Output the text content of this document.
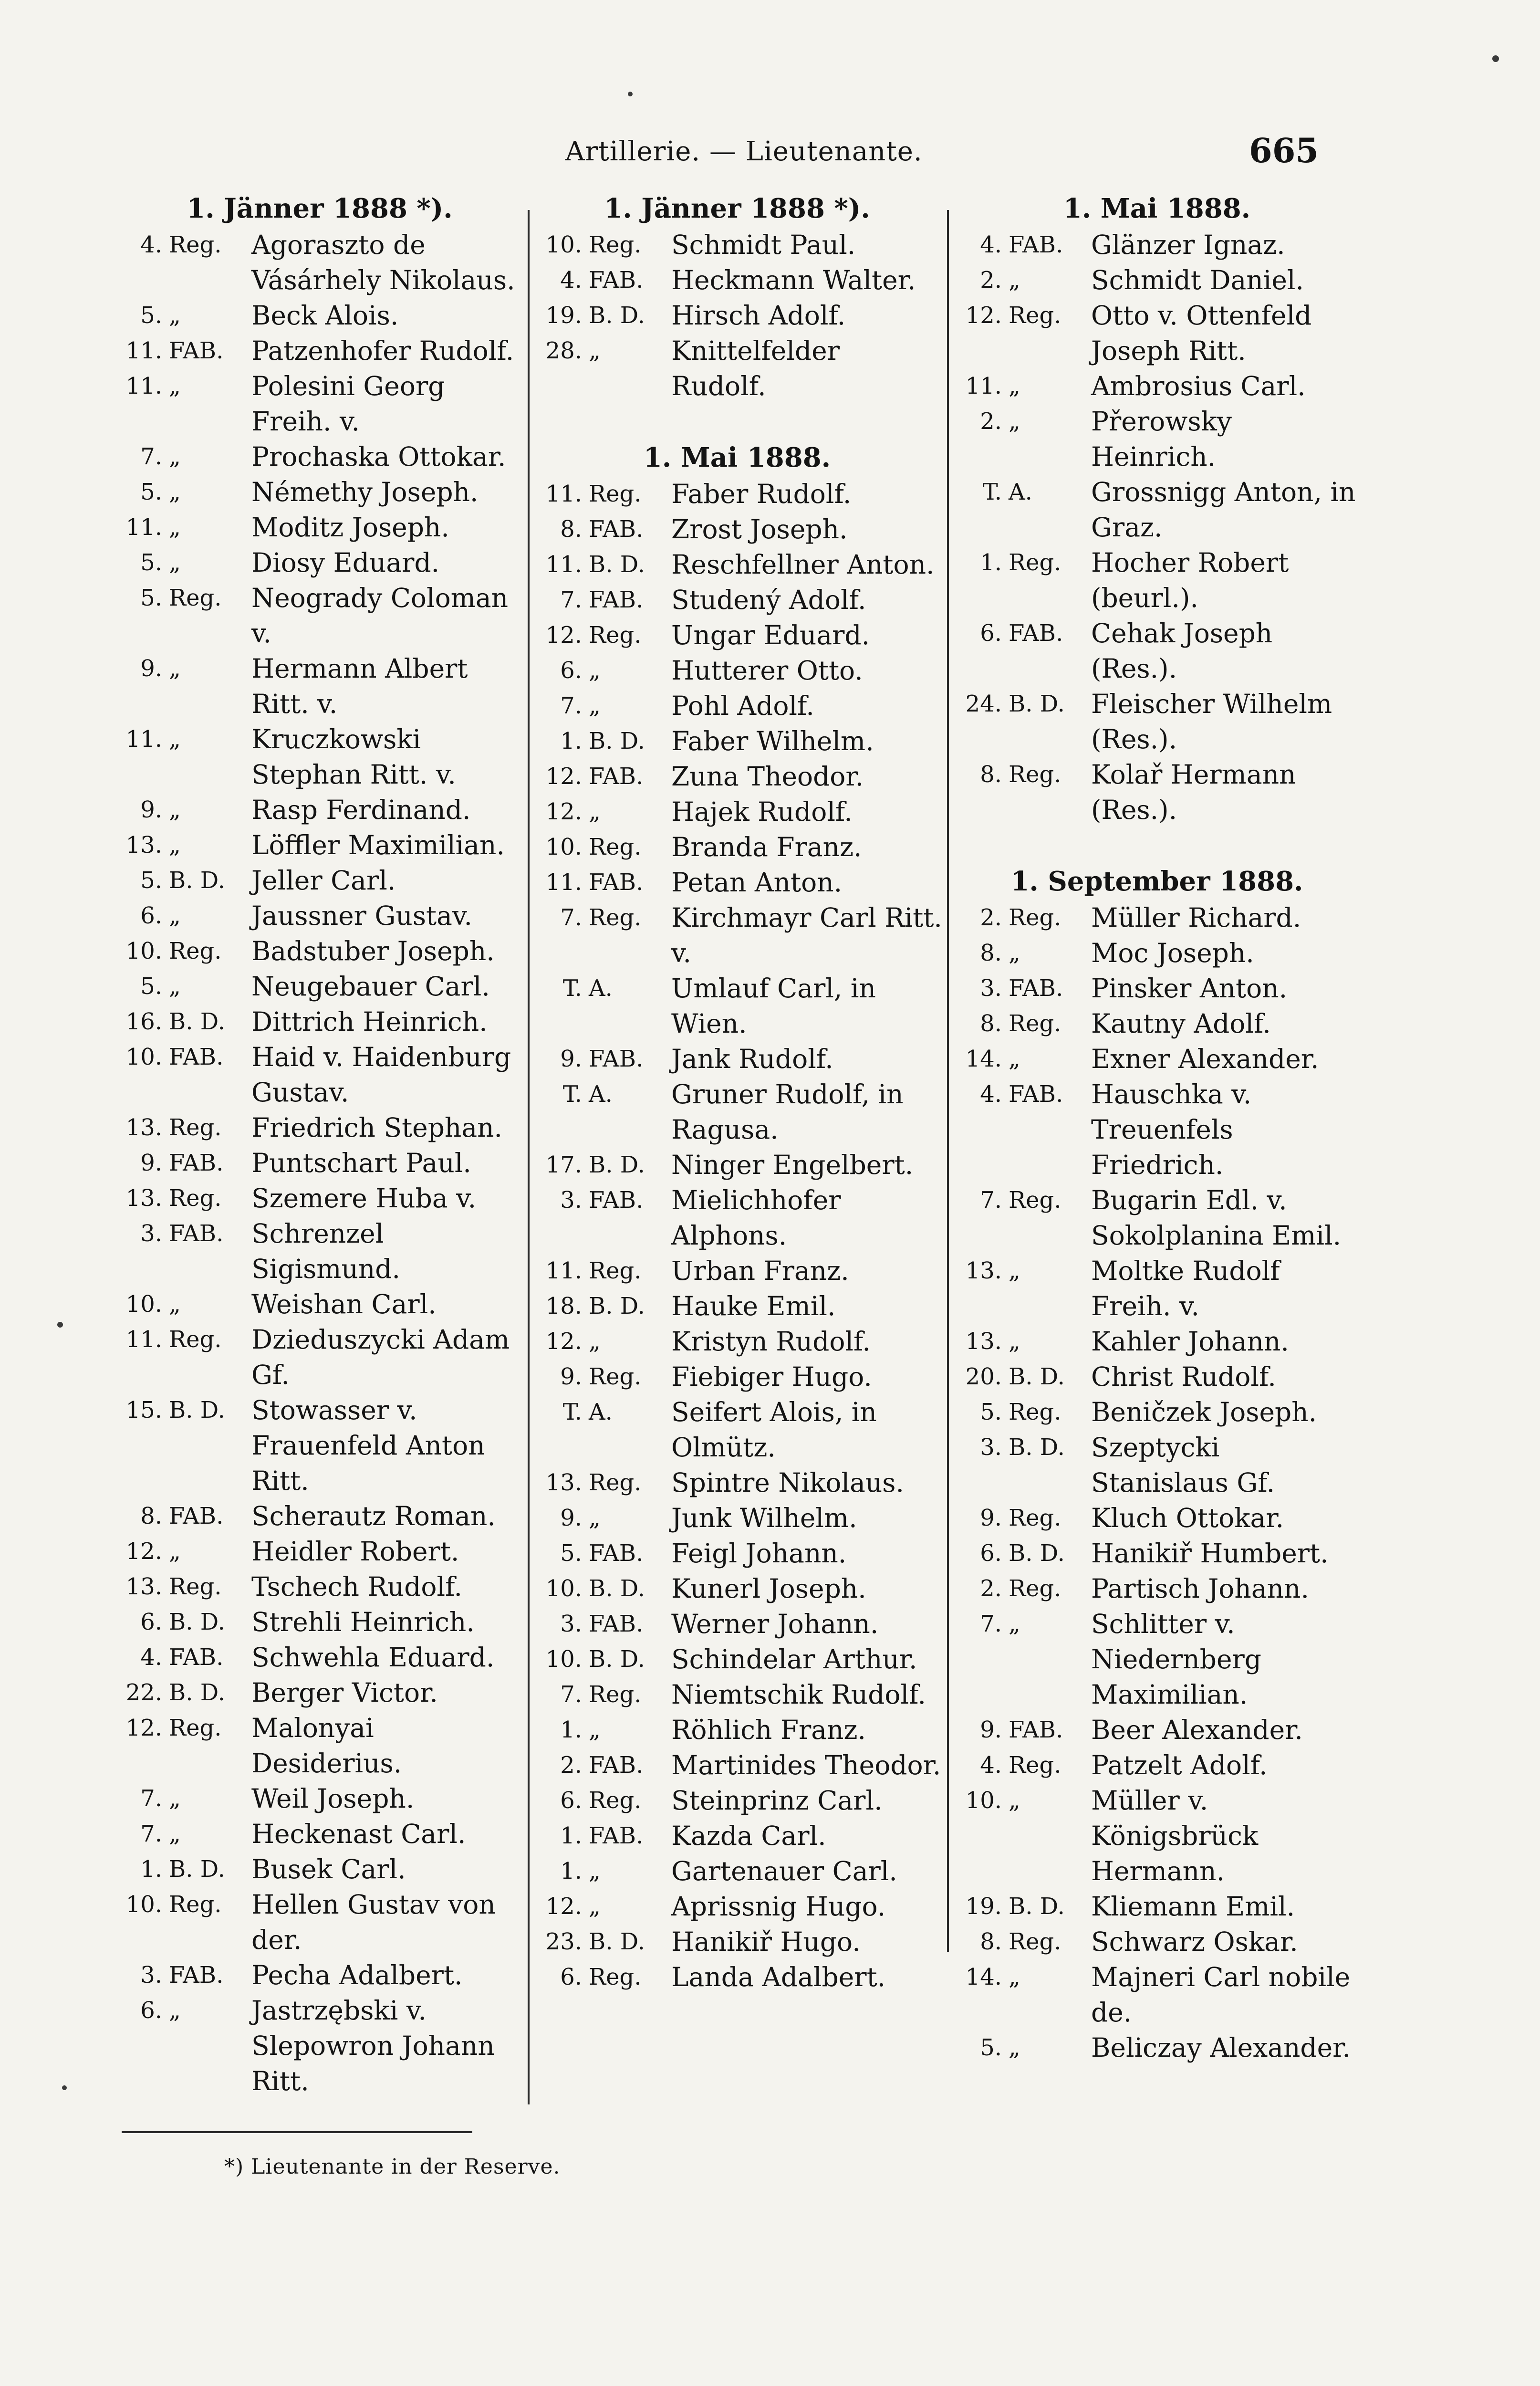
Artillerie. — Lieutenante.	665
1. Jänner 1888 *).
4. Reg.	Agoraszto de Vásárhely Nikolaus.
5. „	Beck Alois.
11. FAB.	Patzenhofer Rudolf.
11. „	Polesini Georg Freih. v.
7. „	Prochaska Ottokar.
5. „	Némethy Joseph.
11. „	Moditz Joseph.
5. „	Diosy Eduard.
5. Reg.	Neogrady Coloman v.
9. „	Hermann Albert Ritt. v.
11. „	Kruczkowski Stephan Ritt. v.
9. „	Rasp Ferdinand.
13. „	Löffler Maximilian.
5. B. D.	Jeller Carl.
6. „	Jaussner Gustav.
10. Reg.	Badstuber Joseph.
5. „	Neugebauer Carl.
16. B. D.	Dittrich Heinrich.
10. FAB.	Haid v. Haidenburg Gustav.
13. Reg.	Friedrich Stephan.
9. FAB.	Puntschart Paul.
13. Reg.	Szemere Huba v.
3. FAB.	Schrenzel Sigismund.
10. „	Weishan Carl.
11. Reg.	Dzieduszycki Adam Gf.
15. B. D.	Stowasser v. Frauenfeld Anton Ritt.
8. FAB.	Scherautz Roman.
12. „	Heidler Robert.
13. Reg.	Tschech Rudolf.
6. B. D.	Strehli Heinrich.
4. FAB.	Schwehla Eduard.
22. B. D.	Berger Victor.
12. Reg.	Malonyai Desiderius.
7. „	Weil Joseph.
7. „	Heckenast Carl.
1. B. D.	Busek Carl.
10. Reg.	Hellen Gustav von der.
3. FAB.	Pecha Adalbert.
6. „	Jastrzębski v. Slepowron Johann Ritt.
1. Jänner 1888 *).
10. Reg.	Schmidt Paul.
4. FAB.	Heckmann Walter.
19. B. D.	Hirsch Adolf.
28. „	Knittelfelder Rudolf.
1. Mai 1888.
11. Reg.	Faber Rudolf.
8. FAB.	Zrost Joseph.
11. B. D.	Reschfellner Anton.
7. FAB.	Studený Adolf.
12. Reg.	Ungar Eduard.
6. „	Hutterer Otto.
7. „	Pohl Adolf.
1. B. D.	Faber Wilhelm.
12. FAB.	Zuna Theodor.
12. „	Hajek Rudolf.
10. Reg.	Branda Franz.
11. FAB.	Petan Anton.
7. Reg.	Kirchmayr Carl Ritt. v.
T. A.	Umlauf Carl, in Wien.
9. FAB.	Jank Rudolf.
T. A.	Gruner Rudolf, in Ragusa.
17. B. D.	Ninger Engelbert.
3. FAB.	Mielichhofer Alphons.
11. Reg.	Urban Franz.
18. B. D.	Hauke Emil.
12. „	Kristyn Rudolf.
9. Reg.	Fiebiger Hugo.
T. A.	Seifert Alois, in Olmütz.
13. Reg.	Spintre Nikolaus.
9. „	Junk Wilhelm.
5. FAB.	Feigl Johann.
10. B. D.	Kunerl Joseph.
3. FAB.	Werner Johann.
10. B. D.	Schindelar Arthur.
7. Reg.	Niemtschik Rudolf.
1. „	Röhlich Franz.
2. FAB.	Martinides Theodor.
6. Reg.	Steinprinz Carl.
1. FAB.	Kazda Carl.
1. „	Gartenauer Carl.
12. „	Aprissnig Hugo.
23. B. D.	Hanikiř Hugo.
6. Reg.	Landa Adalbert.
1. Mai 1888.
4. FAB.	Glänzer Ignaz.
2. „	Schmidt Daniel.
12. Reg.	Otto v. Ottenfeld Joseph Ritt.
11. „	Ambrosius Carl.
2. „	Přerowsky Heinrich.
T. A.	Grossnigg Anton, in Graz.
1. Reg.	Hocher Robert (beurl.).
6. FAB.	Cehak Joseph (Res.).
24. B. D.	Fleischer Wilhelm (Res.).
8. Reg.	Kolař Hermann (Res.).
1. September 1888.
2. Reg.	Müller Richard.
8. „	Moc Joseph.
3. FAB.	Pinsker Anton.
8. Reg.	Kautny Adolf.
14. „	Exner Alexander.
4. FAB.	Hauschka v. Treuenfels Friedrich.
7. Reg.	Bugarin Edl. v. Sokolplanina Emil.
13. „	Moltke Rudolf Freih. v.
13. „	Kahler Johann.
20. B. D.	Christ Rudolf.
5. Reg.	Beničzek Joseph.
3. B. D.	Szeptycki Stanislaus Gf.
9. Reg.	Kluch Ottokar.
6. B. D.	Hanikiř Humbert.
2. Reg.	Partisch Johann.
7. „	Schlitter v. Niedernberg Maximilian.
9. FAB.	Beer Alexander.
4. Reg.	Patzelt Adolf.
10. „	Müller v. Königsbrück Hermann.
19. B. D.	Kliemann Emil.
8. Reg.	Schwarz Oskar.
14. „	Majneri Carl nobile de.
5. „	Beliczay Alexander.
*) Lieutenante in der Reserve.
